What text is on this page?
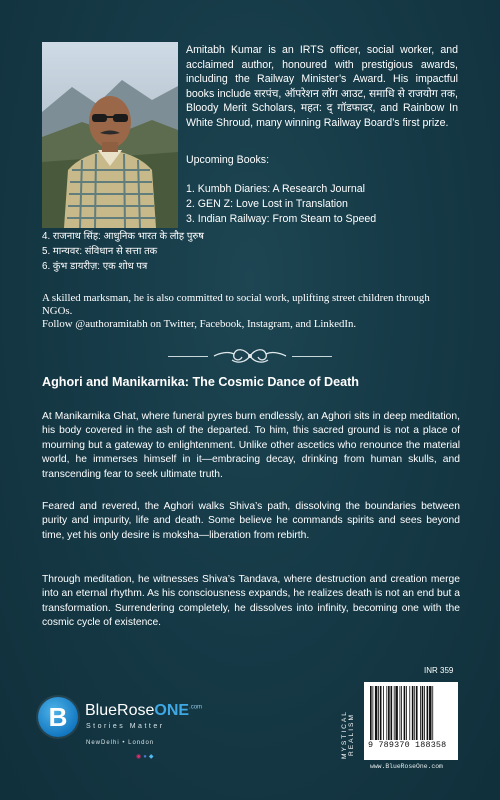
Amitabh Kumar is an IRTS officer, social worker, and acclaimed author, honoured with prestigious awards, including the Railway Minister’s Award. His impactful books include सरपंच, ऑपरेशन लॉग आउट, समाधि से राजयोग तक, Bloody Merit Scholars, महत: द् गॉडफादर, and Rainbow In White Shroud, many winning Railway Board’s first prize.

Upcoming Books:

1. Kumbh Diaries: A Research Journal
2. GEN Z: Love Lost in Translation
3. Indian Railway: From Steam to Speed
4. राजनाथ सिंह: आधुनिक भारत के लौह पुरुष
5. मान्यवर: संविधान से सत्ता तक
6. कुंभ डायरीज़: एक शोध पत्र

A skilled marksman, he is also committed to social work, uplifting street children through NGOs.
Follow @authoramitabh on Twitter, Facebook, Instagram, and LinkedIn.

Aghori and Manikarnika: The Cosmic Dance of Death

At Manikarnika Ghat, where funeral pyres burn endlessly, an Aghori sits in deep meditation, his body covered in the ash of the departed. To him, this sacred ground is not a place of mourning but a gateway to enlightenment. Unlike other ascetics who renounce the material world, he immerses himself in it—embracing decay, drinking from human skulls, and transcending fear to seek ultimate truth.

Feared and revered, the Aghori walks Shiva’s path, dissolving the boundaries between purity and impurity, life and death. Some believe he commands spirits and sees beyond time, yet his only desire is moksha—liberation from rebirth.

Through meditation, he witnesses Shiva’s Tandava, where destruction and creation merge into an eternal rhythm. As his consciousness expands, he realizes death is not an end but a transformation. Surrendering completely, he dissolves into infinity, becoming one with the cosmic cycle of existence.

B	BlueRoseONE$^{.com}$
Stories Matter
NewDelhi • London
◉ ● ◆	MYSTICAL REALISM
INR 359
9 789370 188358
www.BlueRoseOne.com
